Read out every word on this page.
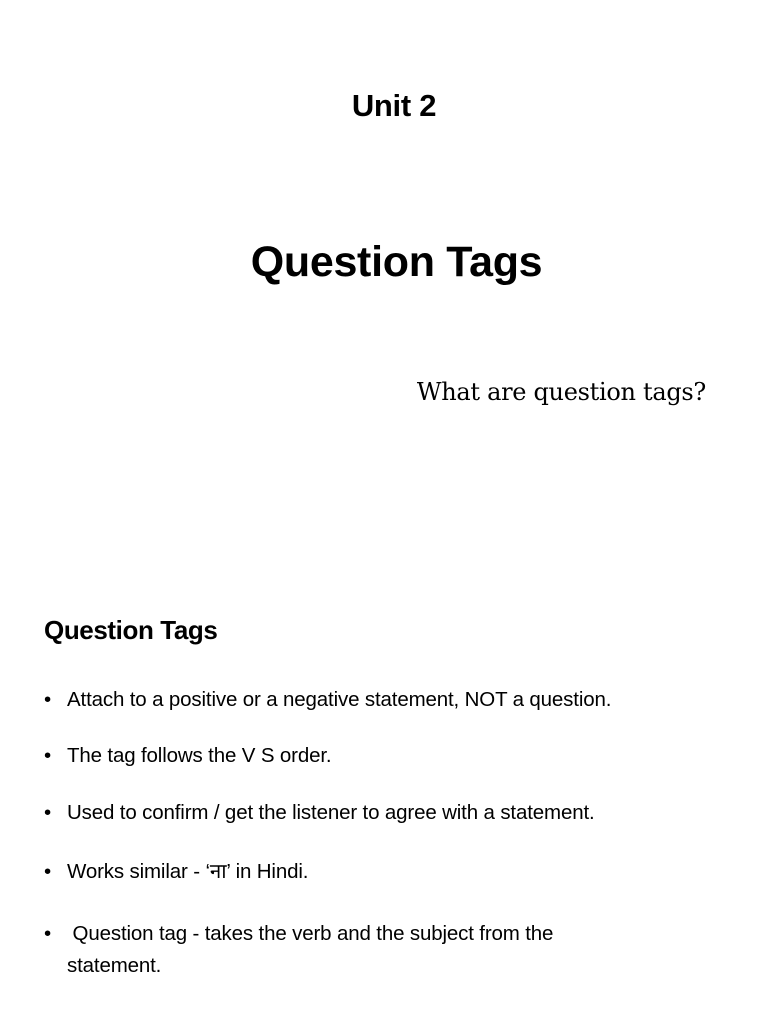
Unit 2
Question Tags
What are question tags?
Question Tags
• Attach to a positive or a negative statement, NOT a question.
• The tag follows the V S order.
• Used to confirm / get the listener to agree with a statement.
• Works similar - ‘ना’ in Hindi.
• Question tag - takes the verb and the subject from the statement.
